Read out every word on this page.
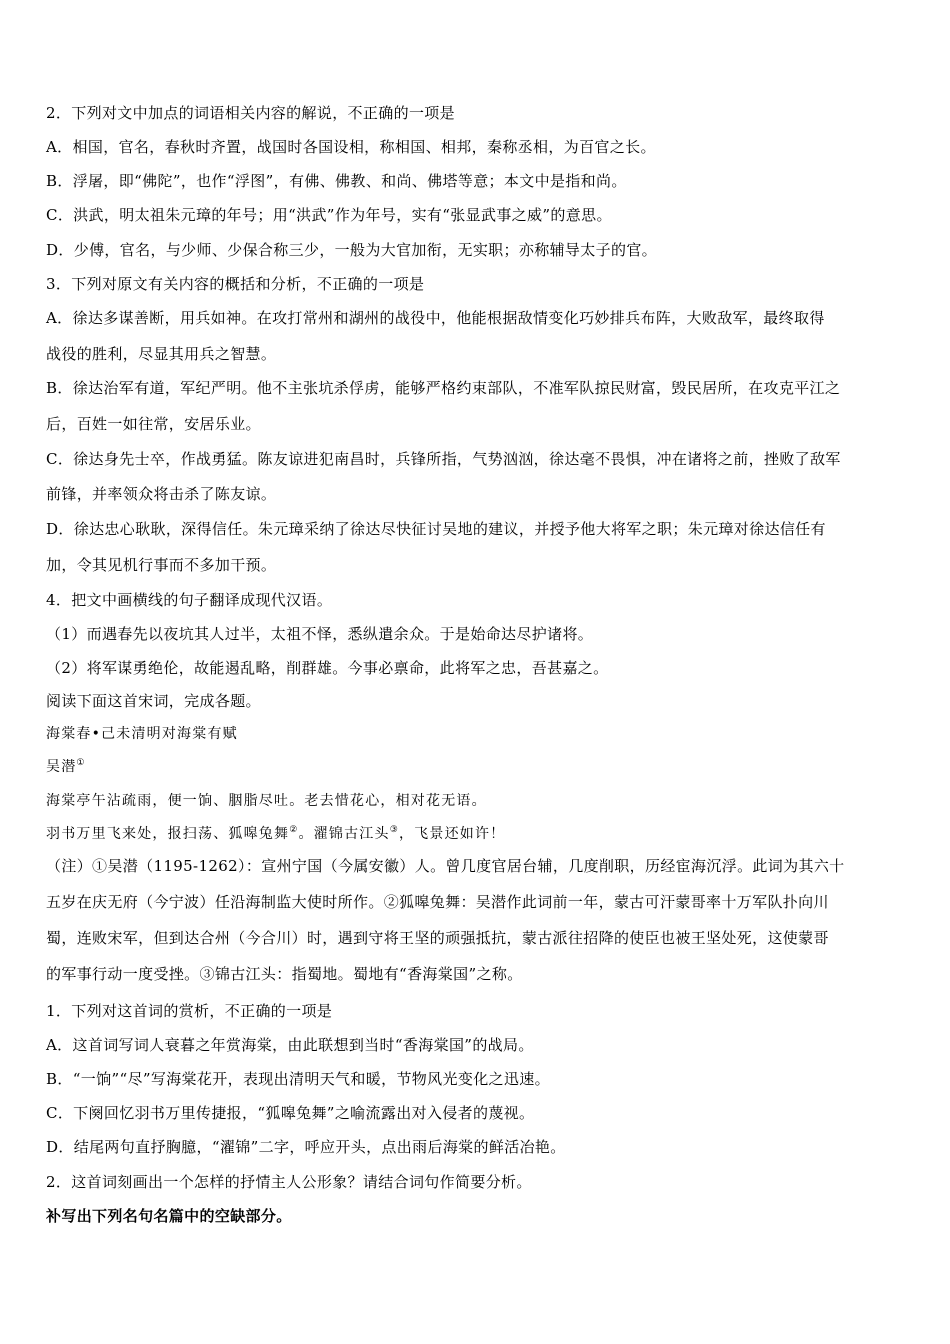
2．下列对文中加点的词语相关内容的解说，不正确的一项是
A．相国，官名，春秋时齐置，战国时各国设相，称相国、相邦，秦称丞相，为百官之长。
B．浮屠，即“佛陀”，也作“浮图”，有佛、佛教、和尚、佛塔等意；本文中是指和尚。
C．洪武，明太祖朱元璋的年号；用“洪武”作为年号，实有“张显武事之威”的意思。
D．少傅，官名，与少师、少保合称三少，一般为大官加衔，无实职；亦称辅导太子的官。
3．下列对原文有关内容的概括和分析，不正确的一项是
A．徐达多谋善断，用兵如神。在攻打常州和湖州的战役中，他能根据敌情变化巧妙排兵布阵，大败敌军，最终取得
战役的胜利，尽显其用兵之智慧。
B．徐达治军有道，军纪严明。他不主张坑杀俘虏，能够严格约束部队，不准军队掠民财富，毁民居所，在攻克平江之
后，百姓一如往常，安居乐业。
C．徐达身先士卒，作战勇猛。陈友谅进犯南昌时，兵锋所指，气势汹汹，徐达毫不畏惧，冲在诸将之前，挫败了敌军
前锋，并率领众将击杀了陈友谅。
D．徐达忠心耿耿，深得信任。朱元璋采纳了徐达尽快征讨吴地的建议，并授予他大将军之职；朱元璋对徐达信任有
加，令其见机行事而不多加干预。
4．把文中画横线的句子翻译成现代汉语。
（1）而遇春先以夜坑其人过半，太祖不怿，悉纵遣余众。于是始命达尽护诸将。
（2）将军谋勇绝伦，故能遏乱略，削群雄。今事必禀命，此将军之忠，吾甚嘉之。
阅读下面这首宋词，完成各题。
海棠春•己未清明对海棠有赋
吴潜①
海棠亭午沾疏雨，便一饷、胭脂尽吐。老去惜花心，相对花无语。
羽书万里飞来处，报扫荡、狐嗥兔舞②。濯锦古江头③，飞景还如许！
（注）①吴潜（1195-1262）：宣州宁国（今属安徽）人。曾几度官居台辅，几度削职，历经宦海沉浮。此词为其六十
五岁在庆无府（今宁波）任沿海制监大使时所作。②狐嗥兔舞：吴潜作此词前一年，蒙古可汗蒙哥率十万军队扑向川
蜀，连败宋军，但到达合州（今合川）时，遇到守将王坚的顽强抵抗，蒙古派往招降的使臣也被王坚处死，这使蒙哥
的军事行动一度受挫。③锦古江头：指蜀地。蜀地有“香海棠国”之称。
1．下列对这首词的赏析，不正确的一项是
A．这首词写词人衰暮之年赏海棠，由此联想到当时“香海棠国”的战局。
B．“一饷”“尽”写海棠花开，表现出清明天气和暖，节物风光变化之迅速。
C．下阕回忆羽书万里传捷报，“狐嗥兔舞”之喻流露出对入侵者的蔑视。
D．结尾两句直抒胸臆，“濯锦”二字，呼应开头，点出雨后海棠的鲜活冶艳。
2．这首词刻画出一个怎样的抒情主人公形象？请结合词句作简要分析。
补写出下列名句名篇中的空缺部分。
